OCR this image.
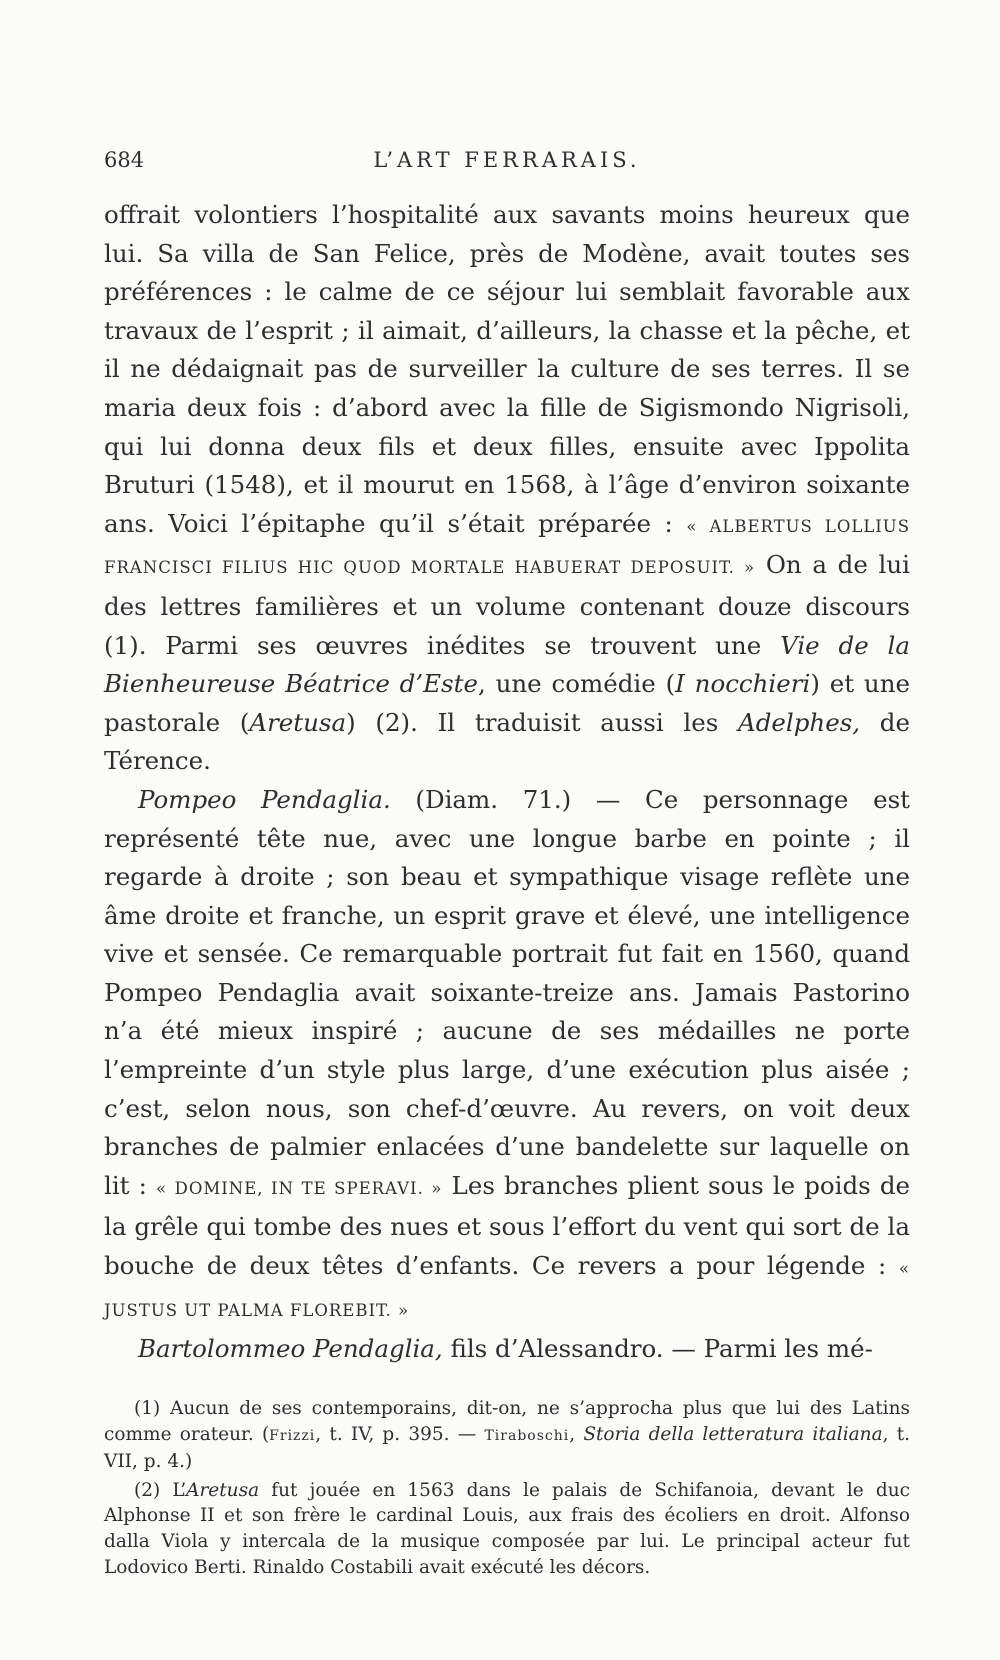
684	L’ART FERRARAIS.

offrait volontiers l’hospitalité aux savants moins heureux que lui. Sa villa de San Felice, près de Modène, avait toutes ses préférences : le calme de ce séjour lui semblait favorable aux travaux de l’esprit ; il aimait, d’ailleurs, la chasse et la pêche, et il ne dédaignait pas de surveiller la culture de ses terres. Il se maria deux fois : d’abord avec la fille de Sigismondo Nigrisoli, qui lui donna deux fils et deux filles, ensuite avec Ippolita Bruturi (1548), et il mourut en 1568, à l’âge d’environ soixante ans. Voici l’épitaphe qu’il s’était préparée : « ALBERTUS LOLLIUS FRANCISCI FILIUS HIC QUOD MORTALE HABUERAT DEPOSUIT. » On a de lui des lettres familières et un volume contenant douze discours (1). Parmi ses œuvres inédites se trouvent une Vie de la Bienheureuse Béatrice d’Este, une comédie (I nocchieri) et une pastorale (Aretusa) (2). Il traduisit aussi les Adelphes, de Térence.

Pompeo Pendaglia. (Diam. 71.) — Ce personnage est représenté tête nue, avec une longue barbe en pointe ; il regarde à droite ; son beau et sympathique visage reflète une âme droite et franche, un esprit grave et élevé, une intelligence vive et sensée. Ce remarquable portrait fut fait en 1560, quand Pompeo Pendaglia avait soixante-treize ans. Jamais Pastorino n’a été mieux inspiré ; aucune de ses médailles ne porte l’empreinte d’un style plus large, d’une exécution plus aisée ; c’est, selon nous, son chef-d’œuvre. Au revers, on voit deux branches de palmier enlacées d’une bandelette sur laquelle on lit : « DOMINE, IN TE SPERAVI. » Les branches plient sous le poids de la grêle qui tombe des nues et sous l’effort du vent qui sort de la bouche de deux têtes d’enfants. Ce revers a pour légende : « JUSTUS UT PALMA FLOREBIT. »

Bartolommeo Pendaglia, fils d’Alessandro. — Parmi les mé-

(1) Aucun de ses contemporains, dit-on, ne s’approcha plus que lui des Latins comme orateur. (Frizzi, t. IV, p. 395. — Tiraboschi, Storia della letteratura italiana, t. VII, p. 4.)

(2) L’Aretusa fut jouée en 1563 dans le palais de Schifanoia, devant le duc Alphonse II et son frère le cardinal Louis, aux frais des écoliers en droit. Alfonso dalla Viola y intercala de la musique composée par lui. Le principal acteur fut Lodovico Berti. Rinaldo Costabili avait exécuté les décors.
